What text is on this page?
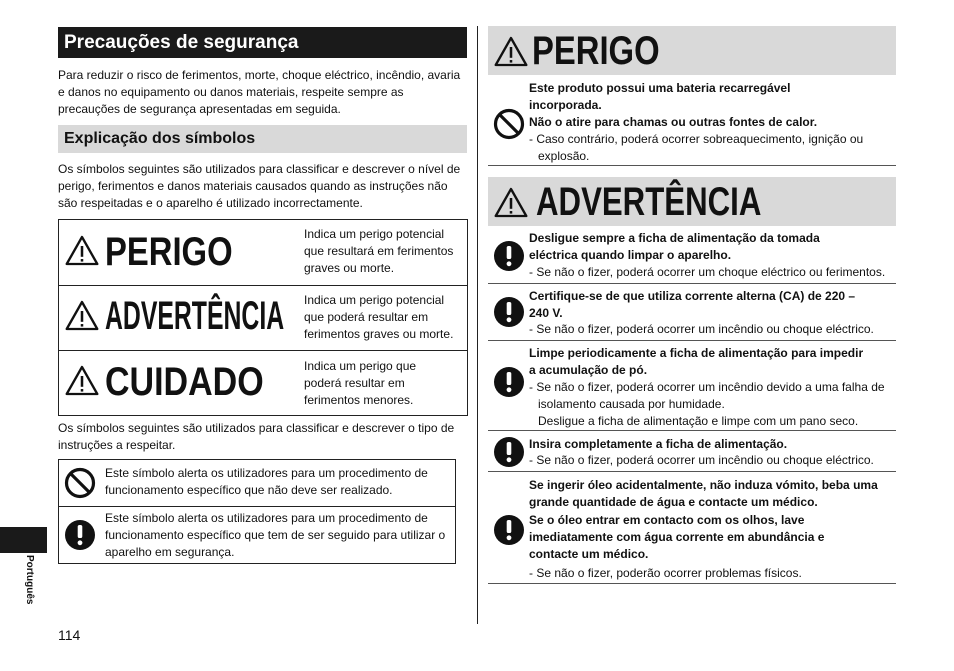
Precauções de segurança
Para reduzir o risco de ferimentos, morte, choque eléctrico, incêndio, avaria e danos no equipamento ou danos materiais, respeite sempre as precauções de segurança apresentadas em seguida.
Explicação dos símbolos
Os símbolos seguintes são utilizados para classificar e descrever o nível de perigo, ferimentos e danos materiais causados quando as instruções não são respeitadas e o aparelho é utilizado incorrectamente.
PERIGO	Indica um perigo potencial que resultará em ferimentos graves ou morte.
ADVERTÊNCIA Indica um perigo potencial que poderá resultar em ferimentos graves ou morte.
CUIDADO	Indica um perigo que poderá resultar em ferimentos menores.
Os símbolos seguintes são utilizados para classificar e descrever o tipo de instruções a respeitar.
Este símbolo alerta os utilizadores para um procedimento de funcionamento específico que não deve ser realizado.
Este símbolo alerta os utilizadores para um procedimento de funcionamento específico que tem de ser seguido para utilizar o aparelho em segurança.
Português
114
PERIGO
Este produto possui uma bateria recarregável incorporada.
Não o atire para chamas ou outras fontes de calor.
- Caso contrário, poderá ocorrer sobreaquecimento, ignição ou explosão.
ADVERTÊNCIA
Desligue sempre a ficha de alimentação da tomada eléctrica quando limpar o aparelho.
- Se não o fizer, poderá ocorrer um choque eléctrico ou ferimentos.
Certifique-se de que utiliza corrente alterna (CA) de 220 – 240 V.
- Se não o fizer, poderá ocorrer um incêndio ou choque eléctrico.
Limpe periodicamente a ficha de alimentação para impedir a acumulação de pó.
- Se não o fizer, poderá ocorrer um incêndio devido a uma falha de isolamento causada por humidade.
Desligue a ficha de alimentação e limpe com um pano seco.
Insira completamente a ficha de alimentação.
- Se não o fizer, poderá ocorrer um incêndio ou choque eléctrico.
Se ingerir óleo acidentalmente, não induza vómito, beba uma grande quantidade de água e contacte um médico.
Se o óleo entrar em contacto com os olhos, lave imediatamente com água corrente em abundância e contacte um médico.
- Se não o fizer, poderão ocorrer problemas físicos.
